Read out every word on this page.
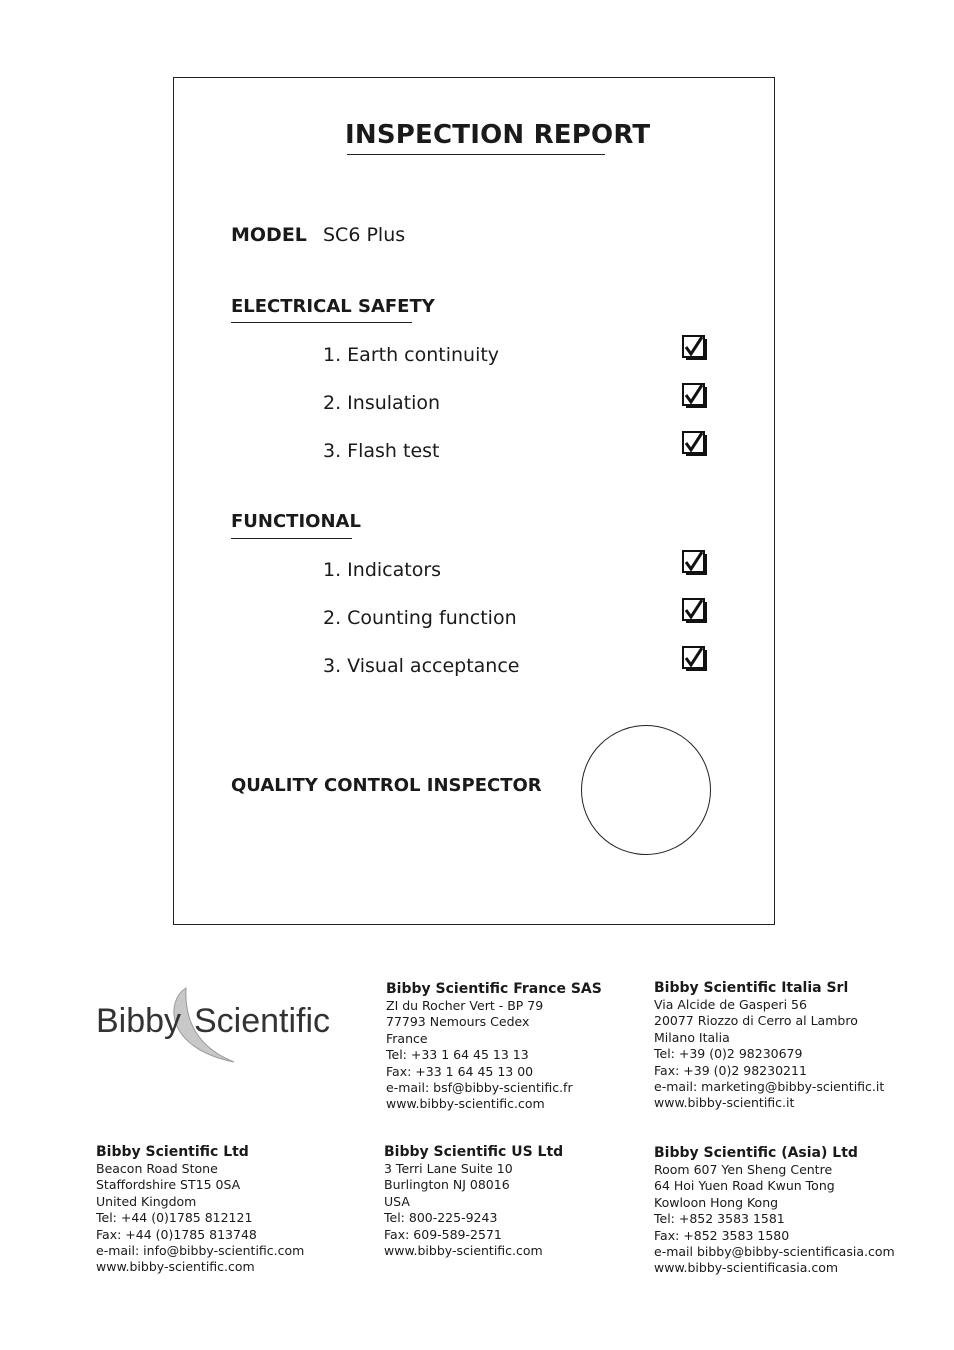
INSPECTION REPORT
MODEL SC6 Plus
ELECTRICAL SAFETY
1. Earth continuity
2. Insulation
3. Flash test
FUNCTIONAL
1. Indicators
2. Counting function
3. Visual acceptance
QUALITY CONTROL INSPECTOR
Bibby Scientific
Bibby Scientific France SAS
ZI du Rocher Vert - BP 79
77793 Nemours Cedex
France
Tel: +33 1 64 45 13 13
Fax: +33 1 64 45 13 00
e-mail: bsf@bibby-scientific.fr
www.bibby-scientific.com
Bibby Scientific Italia Srl
Via Alcide de Gasperi 56
20077 Riozzo di Cerro al Lambro
Milano Italia
Tel: +39 (0)2 98230679
Fax: +39 (0)2 98230211
e-mail: marketing@bibby-scientific.it
www.bibby-scientific.it
Bibby Scientific Ltd
Beacon Road Stone
Staffordshire ST15 0SA
United Kingdom
Tel: +44 (0)1785 812121
Fax: +44 (0)1785 813748
e-mail: info@bibby-scientific.com
www.bibby-scientific.com
Bibby Scientific US Ltd
3 Terri Lane Suite 10
Burlington NJ 08016
USA
Tel: 800-225-9243
Fax: 609-589-2571
www.bibby-scientific.com
Bibby Scientific (Asia) Ltd
Room 607 Yen Sheng Centre
64 Hoi Yuen Road Kwun Tong
Kowloon Hong Kong
Tel: +852 3583 1581
Fax: +852 3583 1580
e-mail bibby@bibby-scientificasia.com
www.bibby-scientificasia.com
